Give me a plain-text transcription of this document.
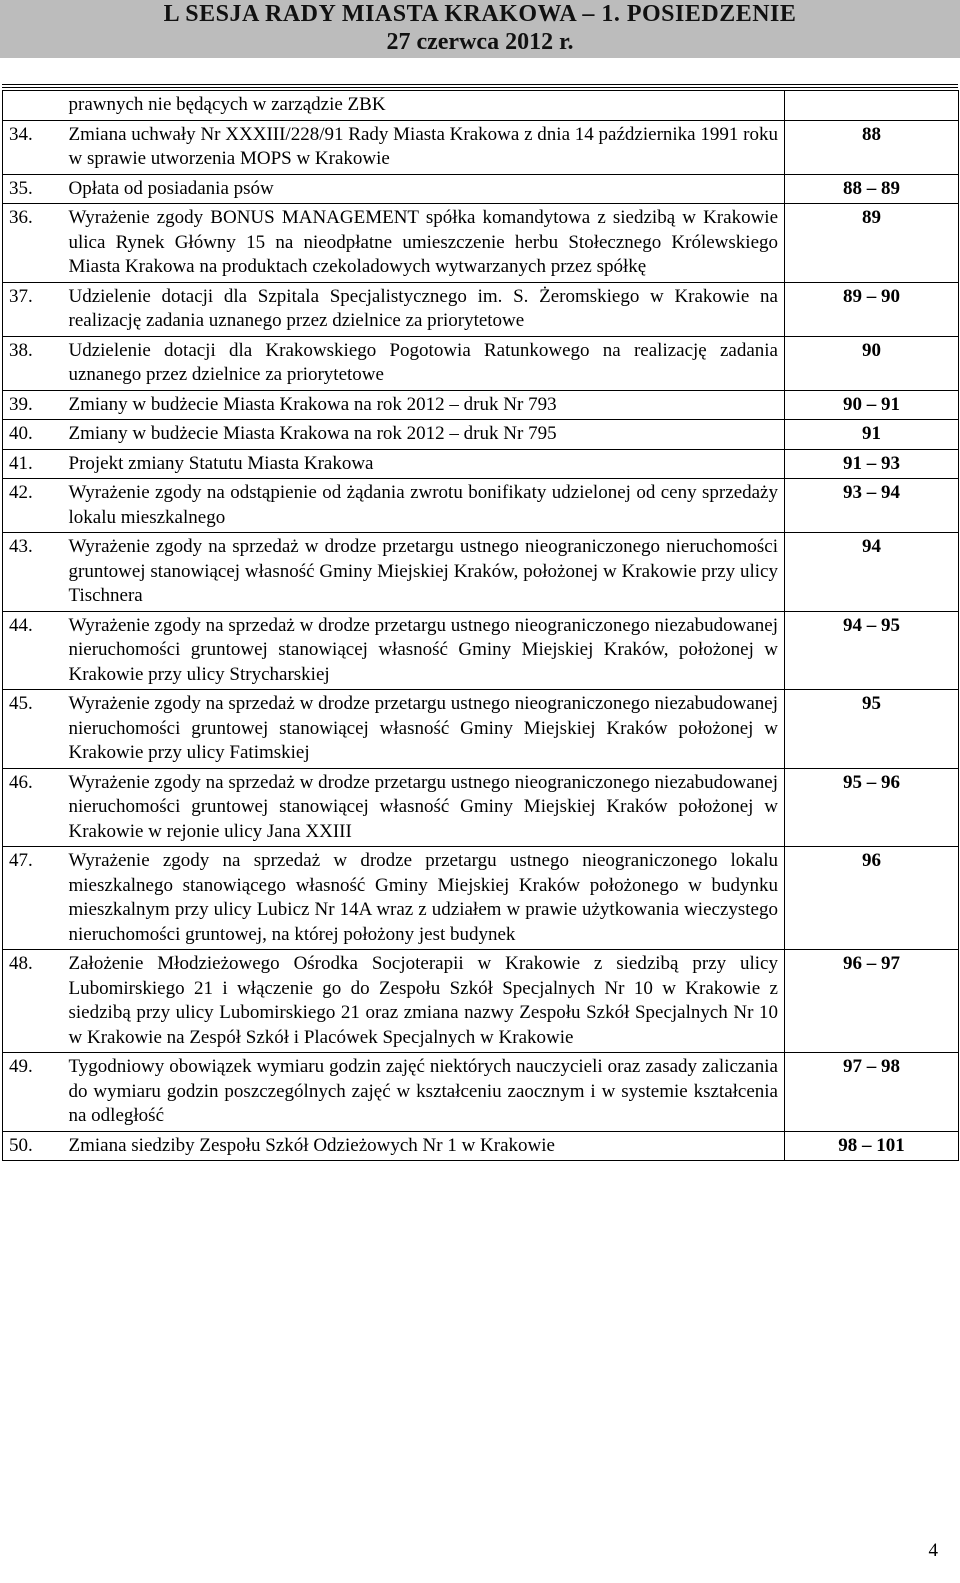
L SESJA RADY MIASTA KRAKOWA – 1. POSIEDZENIE
27 czerwca 2012 r.
	prawnych nie będących w zarządzie ZBK	
34.	Zmiana uchwały Nr XXXIII/228/91 Rady Miasta Krakowa z dnia 14 października 1991 roku w sprawie utworzenia MOPS w Krakowie	88
35.	Opłata od posiadania psów	88 – 89
36.	Wyrażenie zgody BONUS MANAGEMENT spółka komandytowa z siedzibą w Krakowie ulica Rynek Główny 15 na nieodpłatne umieszczenie herbu Stołecznego Królewskiego Miasta Krakowa na produktach czekoladowych wytwarzanych przez spółkę	89
37.	Udzielenie dotacji dla Szpitala Specjalistycznego im. S. Żeromskiego w Krakowie na realizację zadania uznanego przez dzielnice za priorytetowe	89 – 90
38.	Udzielenie dotacji dla Krakowskiego Pogotowia Ratunkowego na realizację zadania uznanego przez dzielnice za priorytetowe	90
39.	Zmiany w budżecie Miasta Krakowa na rok 2012 – druk Nr 793	90 – 91
40.	Zmiany w budżecie Miasta Krakowa na rok 2012 – druk Nr 795	91
41.	Projekt zmiany Statutu Miasta Krakowa	91 – 93
42.	Wyrażenie zgody na odstąpienie od żądania zwrotu bonifikaty udzielonej od ceny sprzedaży lokalu mieszkalnego	93 – 94
43.	Wyrażenie zgody na sprzedaż w drodze przetargu ustnego nieograniczonego nieruchomości gruntowej stanowiącej własność Gminy Miejskiej Kraków, położonej w Krakowie przy ulicy Tischnera	94
44.	Wyrażenie zgody na sprzedaż w drodze przetargu ustnego nieograniczonego niezabudowanej nieruchomości gruntowej stanowiącej własność Gminy Miejskiej Kraków, położonej w Krakowie przy ulicy Strycharskiej	94 – 95
45.	Wyrażenie zgody na sprzedaż w drodze przetargu ustnego nieograniczonego niezabudowanej nieruchomości gruntowej stanowiącej własność Gminy Miejskiej Kraków położonej w Krakowie przy ulicy Fatimskiej	95
46.	Wyrażenie zgody na sprzedaż w drodze przetargu ustnego nieograniczonego niezabudowanej nieruchomości gruntowej stanowiącej własność Gminy Miejskiej Kraków położonej w Krakowie w rejonie ulicy Jana XXIII	95 – 96
47.	Wyrażenie zgody na sprzedaż w drodze przetargu ustnego nieograniczonego lokalu mieszkalnego stanowiącego własność Gminy Miejskiej Kraków położonego w budynku mieszkalnym przy ulicy Lubicz Nr 14A wraz z udziałem w prawie użytkowania wieczystego nieruchomości gruntowej, na której położony jest budynek	96
48.	Założenie Młodzieżowego Ośrodka Socjoterapii w Krakowie z siedzibą przy ulicy Lubomirskiego 21 i włączenie go do Zespołu Szkół Specjalnych Nr 10 w Krakowie z siedzibą przy ulicy Lubomirskiego 21 oraz zmiana nazwy Zespołu Szkół Specjalnych Nr 10 w Krakowie na Zespół Szkół i Placówek Specjalnych w Krakowie	96 – 97
49.	Tygodniowy obowiązek wymiaru godzin zajęć niektórych nauczycieli oraz zasady zaliczania do wymiaru godzin poszczególnych zajęć w kształceniu zaocznym i w systemie kształcenia na odległość	97 – 98
50.	Zmiana siedziby Zespołu Szkół Odzieżowych Nr 1 w Krakowie	98 – 101
4
